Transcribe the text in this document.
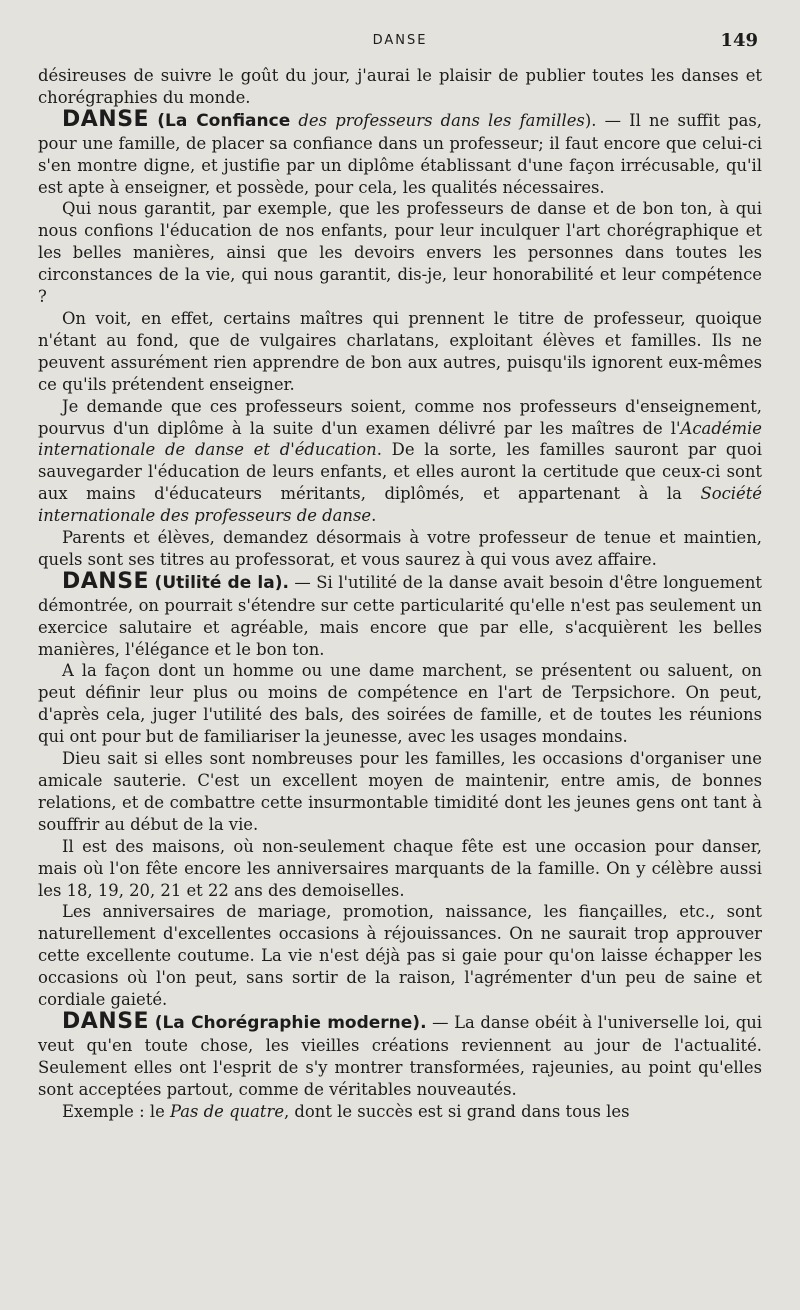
DANSE	149

désireuses de suivre le goût du jour, j'aurai le plaisir de publier toutes les danses et chorégraphies du monde.

DANSE (La Confiance des professeurs dans les familles). — Il ne suffit pas, pour une famille, de placer sa confiance dans un professeur; il faut encore que celui-ci s'en montre digne, et justifie par un diplôme établissant d'une façon irrécusable, qu'il est apte à enseigner, et possède, pour cela, les qualités nécessaires.

Qui nous garantit, par exemple, que les professeurs de danse et de bon ton, à qui nous confions l'éducation de nos enfants, pour leur inculquer l'art chorégraphique et les belles manières, ainsi que les devoirs envers les personnes dans toutes les circonstances de la vie, qui nous garantit, dis-je, leur honorabilité et leur compétence ?

On voit, en effet, certains maîtres qui prennent le titre de professeur, quoique n'étant au fond, que de vulgaires charlatans, exploitant élèves et familles. Ils ne peuvent assurément rien apprendre de bon aux autres, puisqu'ils ignorent eux-mêmes ce qu'ils prétendent enseigner.

Je demande que ces professeurs soient, comme nos professeurs d'enseignement, pourvus d'un diplôme à la suite d'un examen délivré par les maîtres de l'Académie internationale de danse et d'éducation. De la sorte, les familles sauront par quoi sauvegarder l'éducation de leurs enfants, et elles auront la certitude que ceux-ci sont aux mains d'éducateurs méritants, diplômés, et appartenant à la Société internationale des professeurs de danse.

Parents et élèves, demandez désormais à votre professeur de tenue et maintien, quels sont ses titres au professorat, et vous saurez à qui vous avez affaire.

DANSE (Utilité de la). — Si l'utilité de la danse avait besoin d'être longuement démontrée, on pourrait s'étendre sur cette particularité qu'elle n'est pas seulement un exercice salutaire et agréable, mais encore que par elle, s'acquièrent les belles manières, l'élégance et le bon ton.

A la façon dont un homme ou une dame marchent, se présentent ou saluent, on peut définir leur plus ou moins de compétence en l'art de Terpsichore. On peut, d'après cela, juger l'utilité des bals, des soirées de famille, et de toutes les réunions qui ont pour but de familiariser la jeunesse, avec les usages mondains.

Dieu sait si elles sont nombreuses pour les familles, les occasions d'organiser une amicale sauterie. C'est un excellent moyen de maintenir, entre amis, de bonnes relations, et de combattre cette insurmontable timidité dont les jeunes gens ont tant à souffrir au début de la vie.

Il est des maisons, où non-seulement chaque fête est une occasion pour danser, mais où l'on fête encore les anniversaires marquants de la famille. On y célèbre aussi les 18, 19, 20, 21 et 22 ans des demoiselles.

Les anniversaires de mariage, promotion, naissance, les fiançailles, etc., sont naturellement d'excellentes occasions à réjouissances. On ne saurait trop approuver cette excellente coutume. La vie n'est déjà pas si gaie pour qu'on laisse échapper les occasions où l'on peut, sans sortir de la raison, l'agrémenter d'un peu de saine et cordiale gaieté.

DANSE (La Chorégraphie moderne). — La danse obéit à l'universelle loi, qui veut qu'en toute chose, les vieilles créations reviennent au jour de l'actualité. Seulement elles ont l'esprit de s'y montrer transformées, rajeunies, au point qu'elles sont acceptées partout, comme de véritables nouveautés.

Exemple : le Pas de quatre, dont le succès est si grand dans tous les
